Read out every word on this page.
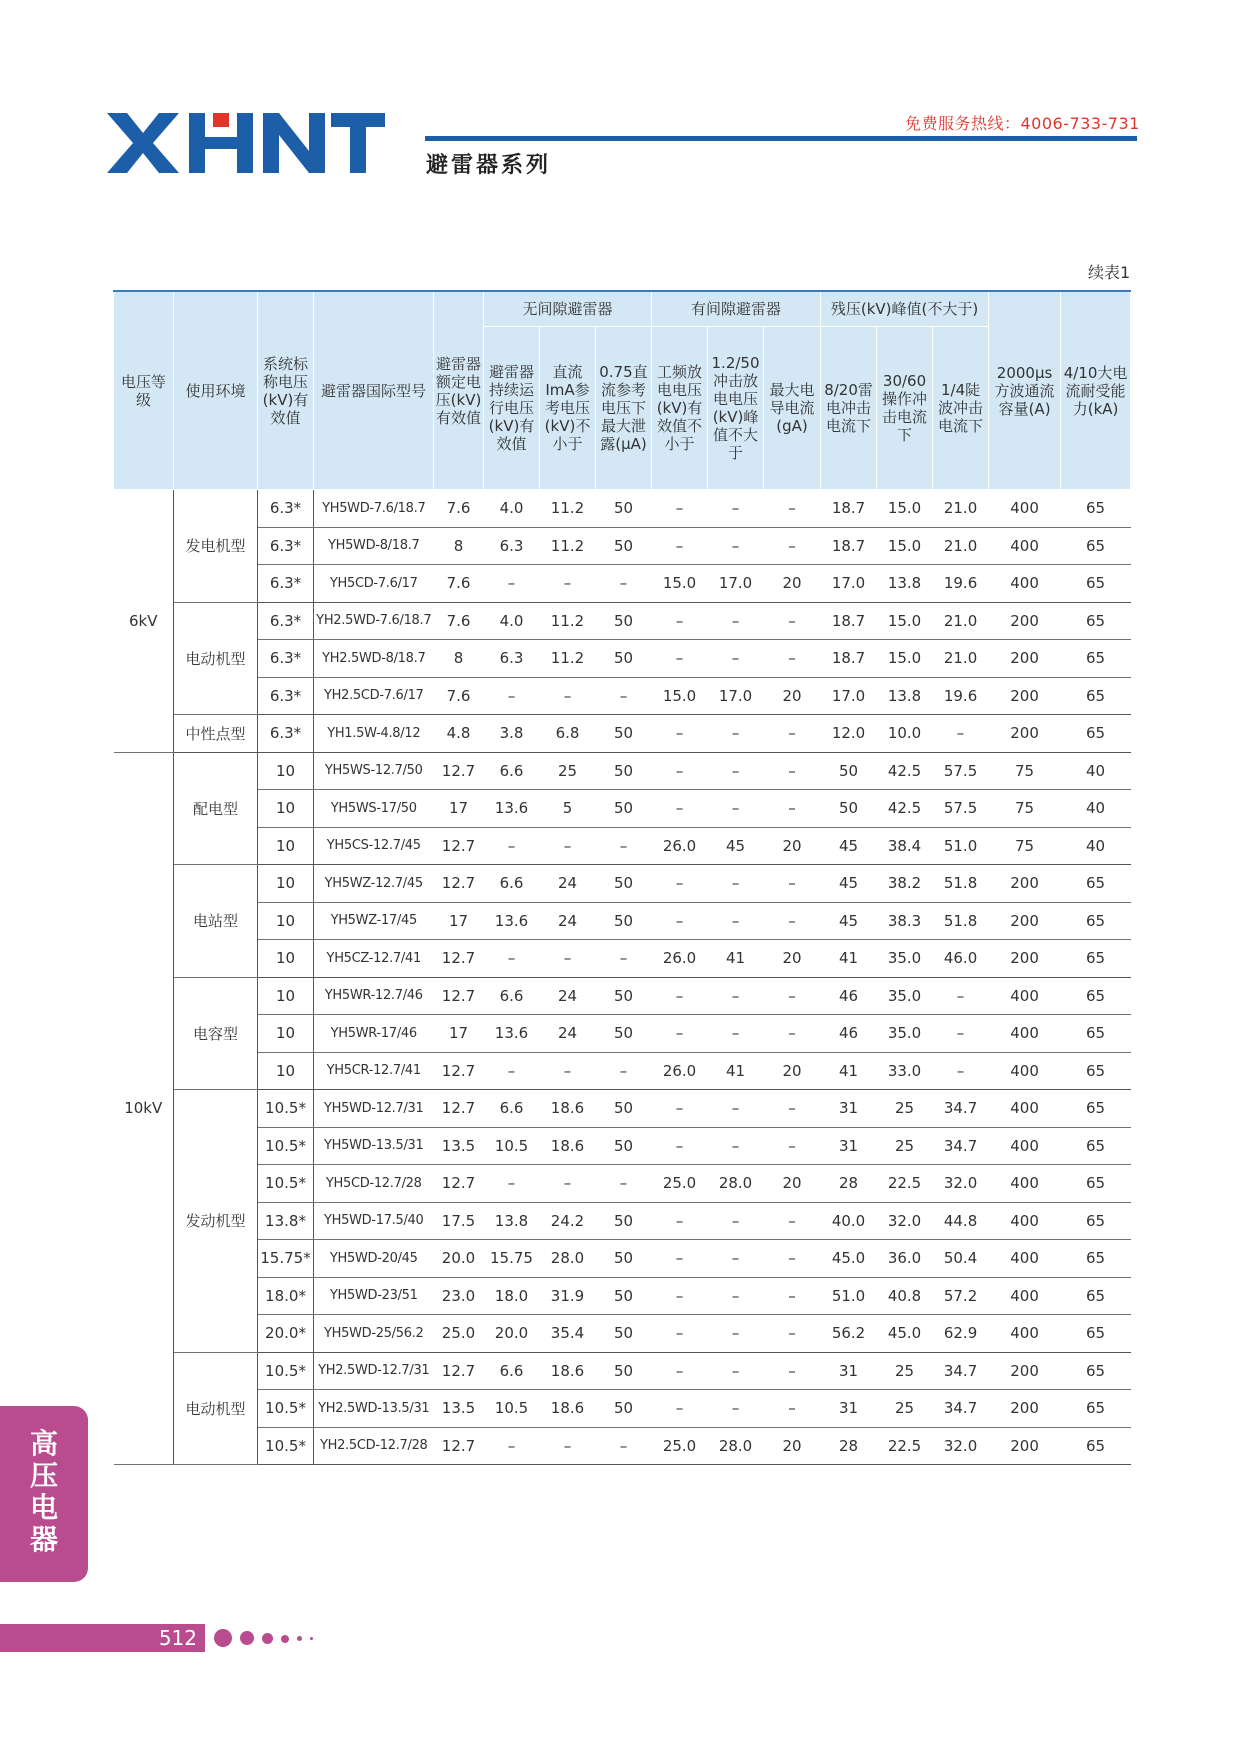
免费服务热线：4006-733-731
避雷器系列
续表1
电压等级	使用环境	系统标称电压(kV)有效值	避雷器国际型号	避雷器额定电压(kV)有效值	无间隙避雷器			有间隙避雷器			残压(kV)峰值(不大于)			2000μs方波通流容量(A)	4/10大电流耐受能力(kA)
					避雷器持续运行电压(kV)有效值	直流ImA参考电压(kV)不小于	0.75直流参考电压下最大泄露(μA)	工频放电电压(kV)有效值不小于	1.2/50冲击放电电压(kV)峰值不大于	最大电导电流(gA)	8/20雷电冲击电流下	30/60操作冲击电流下	1/4陡波冲击电流下		
6kV	发电机型	6.3*	YH5WD-7.6/18.7	7.6	4.0	11.2	50	–	–	–	18.7	15.0	21.0	400	65
		6.3*	YH5WD-8/18.7	8	6.3	11.2	50	–	–	–	18.7	15.0	21.0	400	65
		6.3*	YH5CD-7.6/17	7.6	–	–	–	15.0	17.0	20	17.0	13.8	19.6	400	65
	电动机型	6.3*	YH2.5WD-7.6/18.7	7.6	4.0	11.2	50	–	–	–	18.7	15.0	21.0	200	65
		6.3*	YH2.5WD-8/18.7	8	6.3	11.2	50	–	–	–	18.7	15.0	21.0	200	65
		6.3*	YH2.5CD-7.6/17	7.6	–	–	–	15.0	17.0	20	17.0	13.8	19.6	200	65
	中性点型	6.3*	YH1.5W-4.8/12	4.8	3.8	6.8	50	–	–	–	12.0	10.0	–	200	65
10kV	配电型	10	YH5WS-12.7/50	12.7	6.6	25	50	–	–	–	50	42.5	57.5	75	40
		10	YH5WS-17/50	17	13.6	5	50	–	–	–	50	42.5	57.5	75	40
		10	YH5CS-12.7/45	12.7	–	–	–	26.0	45	20	45	38.4	51.0	75	40
	电站型	10	YH5WZ-12.7/45	12.7	6.6	24	50	–	–	–	45	38.2	51.8	200	65
		10	YH5WZ-17/45	17	13.6	24	50	–	–	–	45	38.3	51.8	200	65
		10	YH5CZ-12.7/41	12.7	–	–	–	26.0	41	20	41	35.0	46.0	200	65
	电容型	10	YH5WR-12.7/46	12.7	6.6	24	50	–	–	–	46	35.0	–	400	65
		10	YH5WR-17/46	17	13.6	24	50	–	–	–	46	35.0	–	400	65
		10	YH5CR-12.7/41	12.7	–	–	–	26.0	41	20	41	33.0	–	400	65
	发动机型	10.5*	YH5WD-12.7/31	12.7	6.6	18.6	50	–	–	–	31	25	34.7	400	65
		10.5*	YH5WD-13.5/31	13.5	10.5	18.6	50	–	–	–	31	25	34.7	400	65
		10.5*	YH5CD-12.7/28	12.7	–	–	–	25.0	28.0	20	28	22.5	32.0	400	65
		13.8*	YH5WD-17.5/40	17.5	13.8	24.2	50	–	–	–	40.0	32.0	44.8	400	65
		15.75*	YH5WD-20/45	20.0	15.75	28.0	50	–	–	–	45.0	36.0	50.4	400	65
		18.0*	YH5WD-23/51	23.0	18.0	31.9	50	–	–	–	51.0	40.8	57.2	400	65
		20.0*	YH5WD-25/56.2	25.0	20.0	35.4	50	–	–	–	56.2	45.0	62.9	400	65
	电动机型	10.5*	YH2.5WD-12.7/31	12.7	6.6	18.6	50	–	–	–	31	25	34.7	200	65
		10.5*	YH2.5WD-13.5/31	13.5	10.5	18.6	50	–	–	–	31	25	34.7	200	65
		10.5*	YH2.5CD-12.7/28	12.7	–	–	–	25.0	28.0	20	28	22.5	32.0	200	65
高压电器
512
